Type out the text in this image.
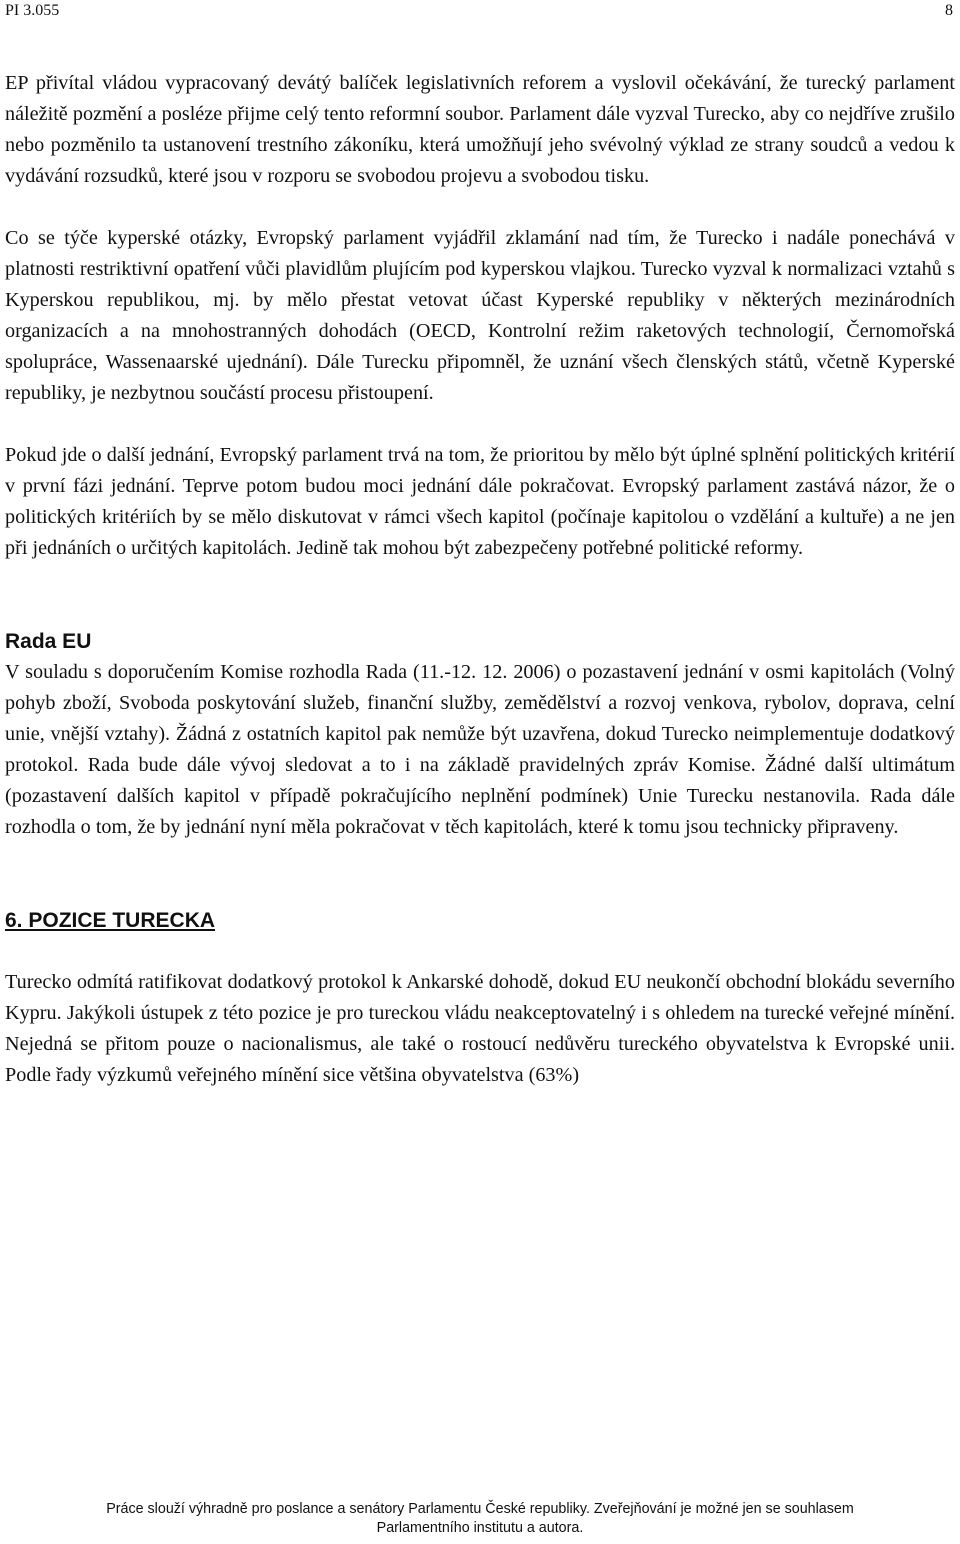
PI 3.055	8

EP přivítal vládou vypracovaný devátý balíček legislativních reforem a vyslovil očekávání, že turecký parlament náležitě pozmění a posléze přijme celý tento reformní soubor. Parlament dále vyzval Turecko, aby co nejdříve zrušilo nebo pozměnilo ta ustanovení trestního zákoníku, která umožňují jeho svévolný výklad ze strany soudců a vedou k vydávání rozsudků, které jsou v rozporu se svobodou projevu a svobodou tisku.

Co se týče kyperské otázky, Evropský parlament vyjádřil zklamání nad tím, že Turecko i nadále ponechává v platnosti restriktivní opatření vůči plavidlům plujícím pod kyperskou vlajkou. Turecko vyzval k normalizaci vztahů s Kyperskou republikou, mj. by mělo přestat vetovat účast Kyperské republiky v některých mezinárodních organizacích a na mnohostranných dohodách (OECD, Kontrolní režim raketových technologií, Černomořská spolupráce, Wassenaarské ujednání). Dále Turecku připomněl, že uznání všech členských států, včetně Kyperské republiky, je nezbytnou součástí procesu přistoupení.

Pokud jde o další jednání, Evropský parlament trvá na tom, že prioritou by mělo být úplné splnění politických kritérií v první fázi jednání. Teprve potom budou moci jednání dále pokračovat. Evropský parlament zastává názor, že o politických kritériích by se mělo diskutovat v rámci všech kapitol (počínaje kapitolou o vzdělání a kultuře) a ne jen při jednáních o určitých kapitolách. Jedině tak mohou být zabezpečeny potřebné politické reformy.

Rada EU

V souladu s doporučením Komise rozhodla Rada (11.-12. 12. 2006) o pozastavení jednání v osmi kapitolách (Volný pohyb zboží, Svoboda poskytování služeb, finanční služby, zemědělství a rozvoj venkova, rybolov, doprava, celní unie, vnější vztahy). Žádná z ostatních kapitol pak nemůže být uzavřena, dokud Turecko neimplementuje dodatkový protokol. Rada bude dále vývoj sledovat a to i na základě pravidelných zpráv Komise. Žádné další ultimátum (pozastavení dalších kapitol v případě pokračujícího neplnění podmínek) Unie Turecku nestanovila. Rada dále rozhodla o tom, že by jednání nyní měla pokračovat v těch kapitolách, které k tomu jsou technicky připraveny.

6. POZICE TURECKA

Turecko odmítá ratifikovat dodatkový protokol k Ankarské dohodě, dokud EU neukončí obchodní blokádu severního Kypru. Jakýkoli ústupek z této pozice je pro tureckou vládu neakceptovatelný i s ohledem na turecké veřejné mínění. Nejedná se přitom pouze o nacionalismus, ale také o rostoucí nedůvěru tureckého obyvatelstva k Evropské unii. Podle řady výzkumů veřejného mínění sice většina obyvatelstva (63%)

Práce slouží výhradně pro poslance a senátory Parlamentu České republiky. Zveřejňování je možné jen se souhlasem
Parlamentního institutu a autora.
